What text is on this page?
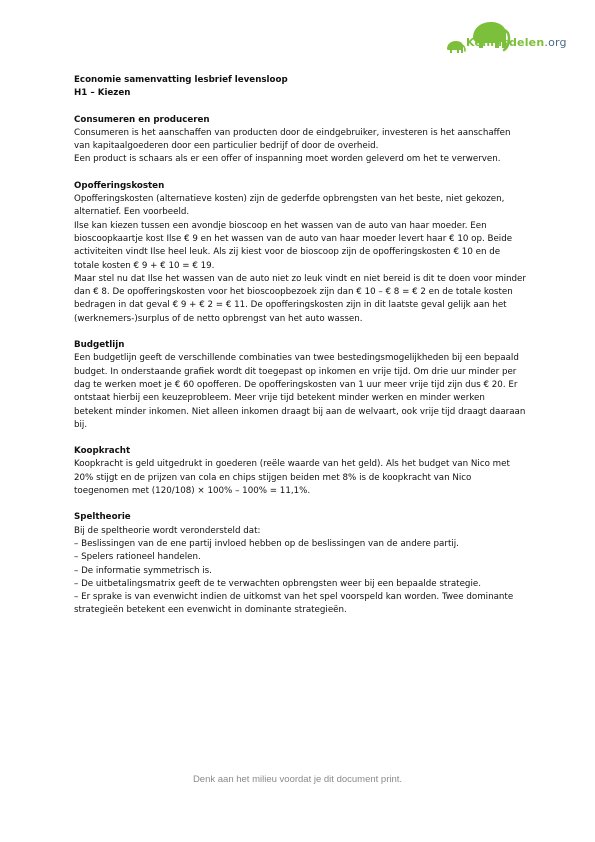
Kennisdelen.org
Economie samenvatting lesbrief levensloop
H1 – Kiezen
Consumeren en produceren

Consumeren is het aanschaffen van producten door de eindgebruiker, investeren is het aanschaffen van kapitaalgoederen door een particulier bedrijf of door de overheid.

Een product is schaars als er een offer of inspanning moet worden geleverd om het te verwerven.

Opofferingskosten

Opofferingskosten (alternatieve kosten) zijn de gederfde opbrengsten van het beste, niet gekozen, alternatief. Een voorbeeld.

Ilse kan kiezen tussen een avondje bioscoop en het wassen van de auto van haar moeder. Een bioscoopkaartje kost Ilse € 9 en het wassen van de auto van haar moeder levert haar € 10 op. Beide activiteiten vindt Ilse heel leuk. Als zij kiest voor de bioscoop zijn de opofferingskosten € 10 en de totale kosten € 9 + € 10 = € 19.

Maar stel nu dat Ilse het wassen van de auto niet zo leuk vindt en niet bereid is dit te doen voor minder dan € 8. De opofferingskosten voor het bioscoopbezoek zijn dan € 10 – € 8 = € 2 en de totale kosten bedragen in dat geval € 9 + € 2 = € 11. De opofferingskosten zijn in dit laatste geval gelijk aan het (werknemers-)surplus of de netto opbrengst van het auto wassen.

Budgetlijn

Een budgetlijn geeft de verschillende combinaties van twee bestedingsmogelijkheden bij een bepaald budget. In onderstaande grafiek wordt dit toegepast op inkomen en vrije tijd. Om drie uur minder per dag te werken moet je € 60 opofferen. De opofferingskosten van 1 uur meer vrije tijd zijn dus € 20. Er ontstaat hierbij een keuzeprobleem. Meer vrije tijd betekent minder werken en minder werken betekent minder inkomen. Niet alleen inkomen draagt bij aan de welvaart, ook vrije tijd draagt daaraan bij.

Koopkracht

Koopkracht is geld uitgedrukt in goederen (reële waarde van het geld). Als het budget van Nico met 20% stijgt en de prijzen van cola en chips stijgen beiden met 8% is de koopkracht van Nico toegenomen met (120/108) × 100% – 100% = 11,1%.

Speltheorie

Bij de speltheorie wordt verondersteld dat:

– Beslissingen van de ene partij invloed hebben op de beslissingen van de andere partij.

– Spelers rationeel handelen.

– De informatie symmetrisch is.

– De uitbetalingsmatrix geeft de te verwachten opbrengsten weer bij een bepaalde strategie.

– Er sprake is van evenwicht indien de uitkomst van het spel voorspeld kan worden. Twee dominante strategieën betekent een evenwicht in dominante strategieën.

Denk aan het milieu voordat je dit document print.
